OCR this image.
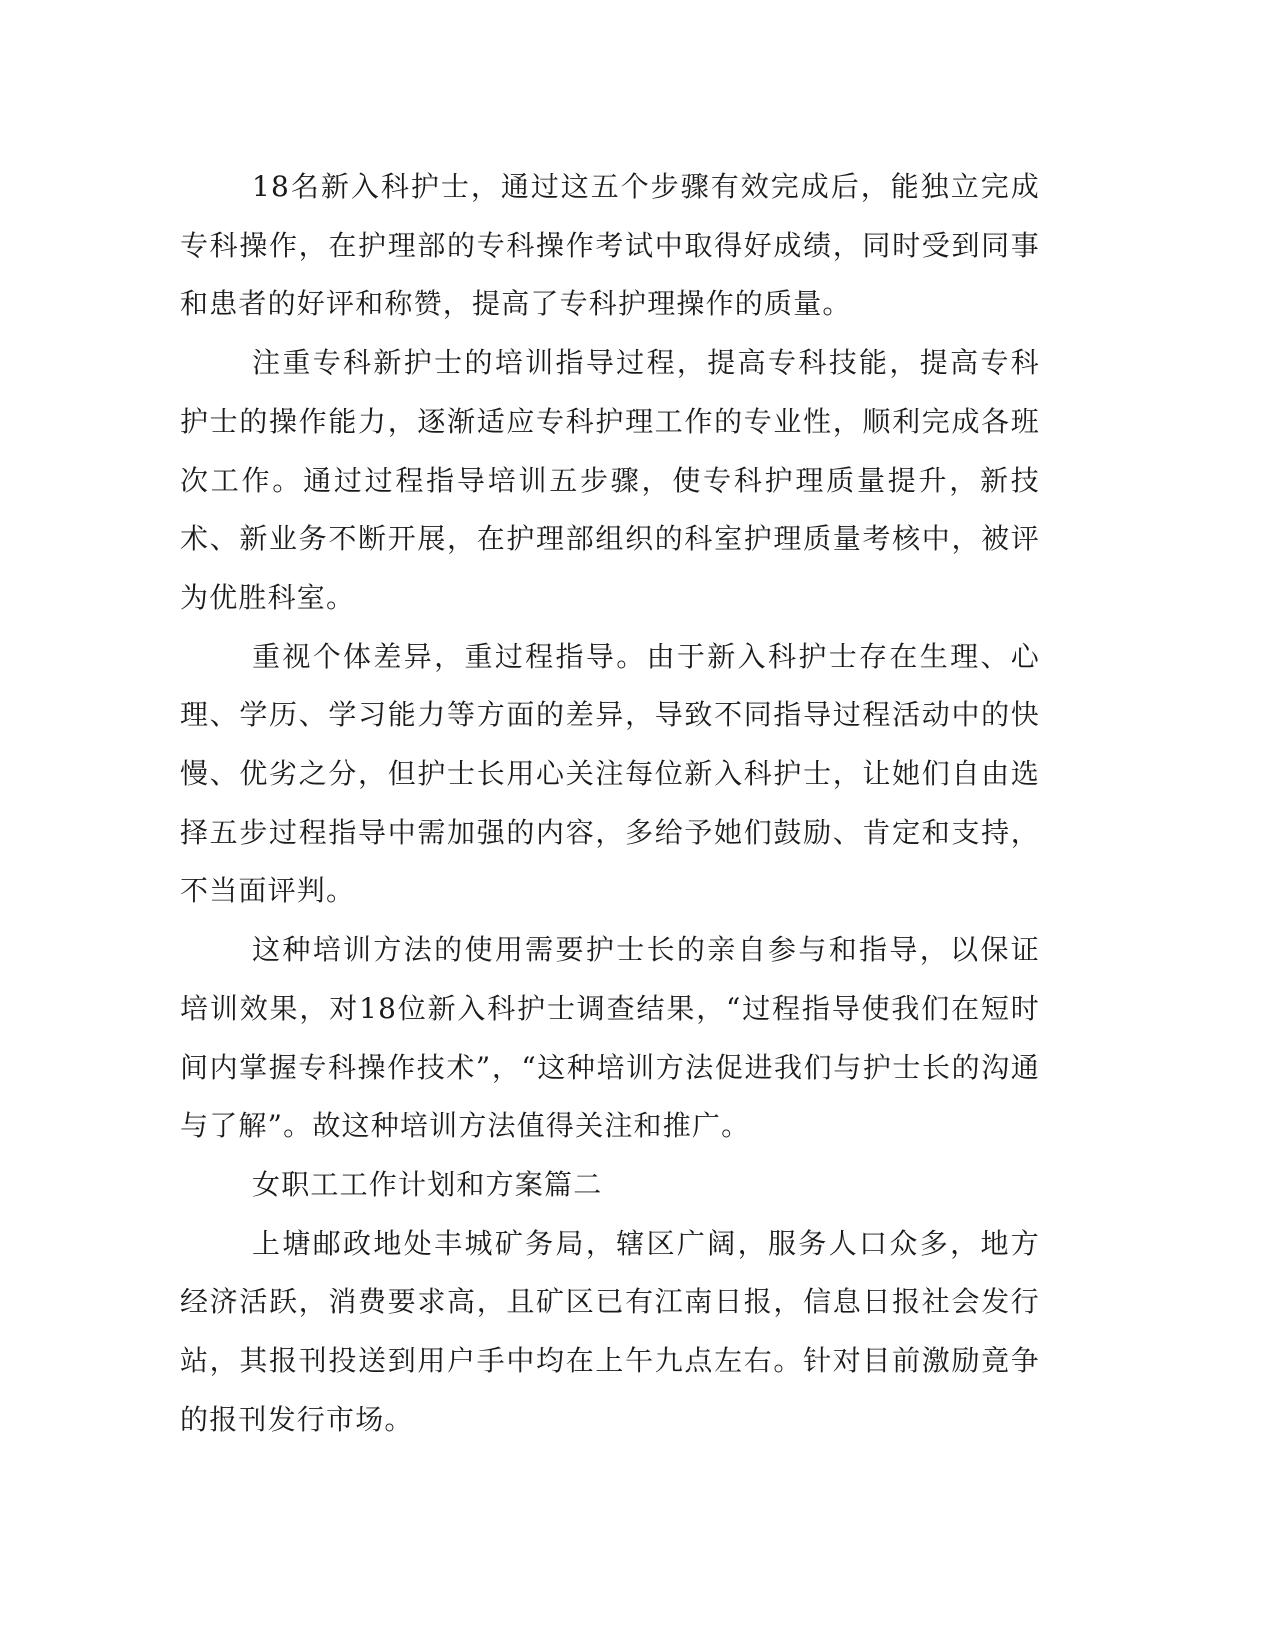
18名新入科护士，通过这五个步骤有效完成后，能独立完成专科操作，在护理部的专科操作考试中取得好成绩，同时受到同事和患者的好评和称赞，提高了专科护理操作的质量。

注重专科新护士的培训指导过程，提高专科技能，提高专科护士的操作能力，逐渐适应专科护理工作的专业性，顺利完成各班次工作。通过过程指导培训五步骤，使专科护理质量提升，新技术、新业务不断开展，在护理部组织的科室护理质量考核中，被评为优胜科室。

重视个体差异，重过程指导。由于新入科护士存在生理、心理、学历、学习能力等方面的差异，导致不同指导过程活动中的快慢、优劣之分，但护士长用心关注每位新入科护士，让她们自由选择五步过程指导中需加强的内容，多给予她们鼓励、肯定和支持，不当面评判。

这种培训方法的使用需要护士长的亲自参与和指导，以保证培训效果，对18位新入科护士调查结果，“过程指导使我们在短时间内掌握专科操作技术”，“这种培训方法促进我们与护士长的沟通与了解”。故这种培训方法值得关注和推广。

女职工工作计划和方案篇二

上塘邮政地处丰城矿务局，辖区广阔，服务人口众多，地方经济活跃，消费要求高，且矿区已有江南日报，信息日报社会发行站，其报刊投送到用户手中均在上午九点左右。针对目前激励竟争的报刊发行市场。
